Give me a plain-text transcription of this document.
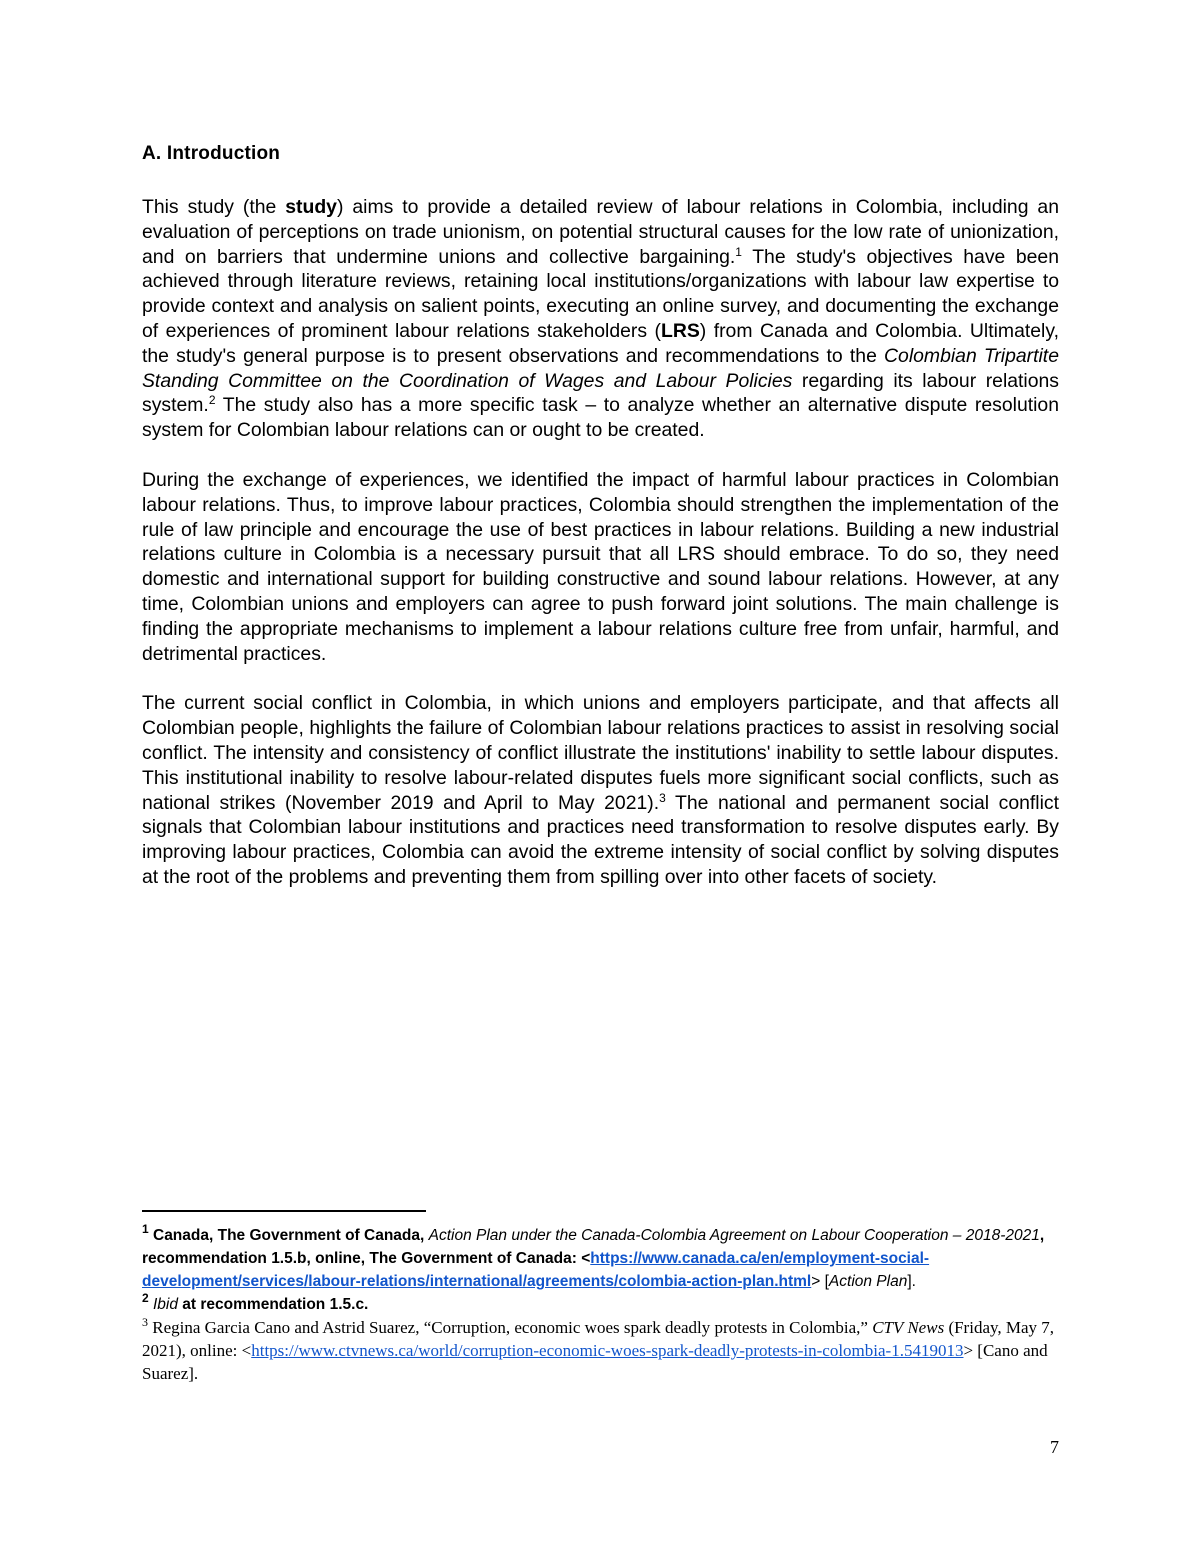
A. Introduction

This study (the study) aims to provide a detailed review of labour relations in Colombia, including an evaluation of perceptions on trade unionism, on potential structural causes for the low rate of unionization, and on barriers that undermine unions and collective bargaining.$^1$ The study's objectives have been achieved through literature reviews, retaining local institutions/organizations with labour law expertise to provide context and analysis on salient points, executing an online survey, and documenting the exchange of experiences of prominent labour relations stakeholders (LRS) from Canada and Colombia. Ultimately, the study's general purpose is to present observations and recommendations to the Colombian Tripartite Standing Committee on the Coordination of Wages and Labour Policies regarding its labour relations system.$^2$ The study also has a more specific task – to analyze whether an alternative dispute resolution system for Colombian labour relations can or ought to be created.

During the exchange of experiences, we identified the impact of harmful labour practices in Colombian labour relations. Thus, to improve labour practices, Colombia should strengthen the implementation of the rule of law principle and encourage the use of best practices in labour relations. Building a new industrial relations culture in Colombia is a necessary pursuit that all LRS should embrace. To do so, they need domestic and international support for building constructive and sound labour relations. However, at any time, Colombian unions and employers can agree to push forward joint solutions. The main challenge is finding the appropriate mechanisms to implement a labour relations culture free from unfair, harmful, and detrimental practices.

The current social conflict in Colombia, in which unions and employers participate, and that affects all Colombian people, highlights the failure of Colombian labour relations practices to assist in resolving social conflict. The intensity and consistency of conflict illustrate the institutions' inability to settle labour disputes. This institutional inability to resolve labour-related disputes fuels more significant social conflicts, such as national strikes (November 2019 and April to May 2021).$^3$ The national and permanent social conflict signals that Colombian labour institutions and practices need transformation to resolve disputes early. By improving labour practices, Colombia can avoid the extreme intensity of social conflict by solving disputes at the root of the problems and preventing them from spilling over into other facets of society.

$^1$ Canada, The Government of Canada, Action Plan under the Canada-Colombia Agreement on Labour Cooperation – 2018-2021, recommendation 1.5.b, online, The Government of Canada: <https://www.canada.ca/en/employment-social-development/services/labour-relations/international/agreements/colombia-action-plan.html> [Action Plan].

$^2$ Ibid at recommendation 1.5.c.

$^3$ Regina Garcia Cano and Astrid Suarez, “Corruption, economic woes spark deadly protests in Colombia,” CTV News (Friday, May 7, 2021), online: <https://www.ctvnews.ca/world/corruption-economic-woes-spark-deadly-protests-in-colombia-1.5419013> [Cano and Suarez].

7
